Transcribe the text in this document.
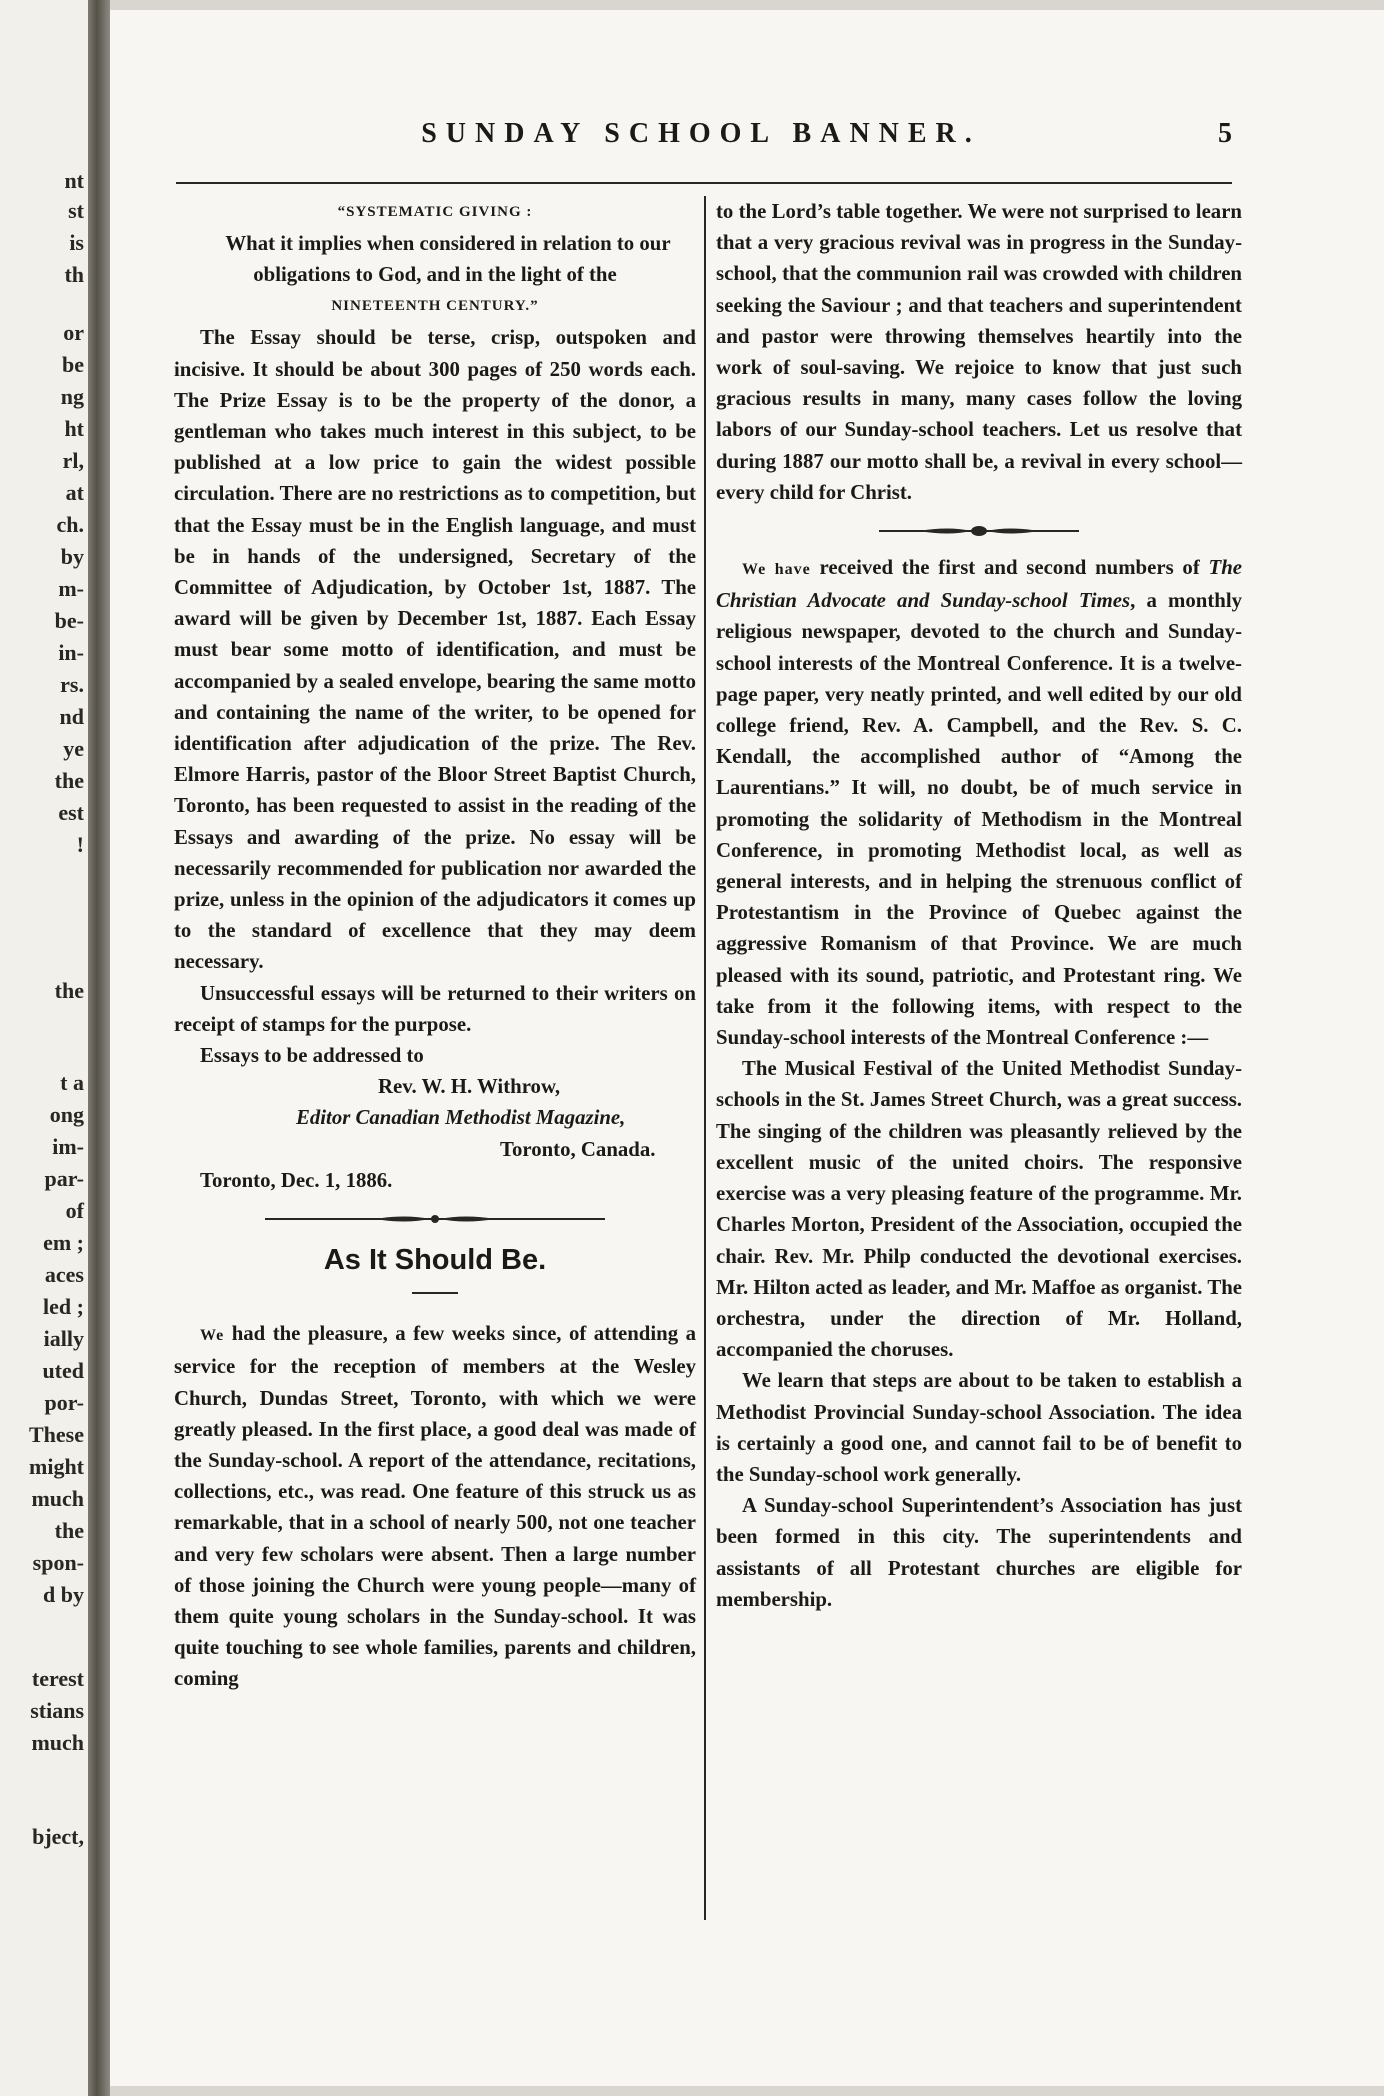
nt
st
is
th
or
be
ng
ht
rl,
at
ch.
by
m-
be-
in-
rs.
nd
ye
the
est
!
the
t a
ong
im-
par-
of
em ;
aces
led ;
ially
uted
por-
These
might
much
the
spon-
d by
terest
stians
much
bject,
SUNDAY SCHOOL BANNER.	5
“SYSTEMATIC GIVING :

What it implies when considered in relation to our obligations to God, and in the light of the

NINETEENTH CENTURY.”

The Essay should be terse, crisp, outspoken and incisive. It should be about 300 pages of 250 words each. The Prize Essay is to be the property of the donor, a gentleman who takes much interest in this subject, to be published at a low price to gain the widest possible circulation. There are no restrictions as to competition, but that the Essay must be in the English language, and must be in hands of the undersigned, Secretary of the Committee of Adjudication, by October 1st, 1887. The award will be given by December 1st, 1887. Each Essay must bear some motto of identification, and must be accompanied by a sealed envelope, bearing the same motto and containing the name of the writer, to be opened for identification after adjudication of the prize. The Rev. Elmore Harris, pastor of the Bloor Street Baptist Church, Toronto, has been requested to assist in the reading of the Essays and awarding of the prize. No essay will be necessarily recommended for publication nor awarded the prize, unless in the opinion of the adjudicators it comes up to the standard of excellence that they may deem necessary.

Unsuccessful essays will be returned to their writers on receipt of stamps for the purpose.

Essays to be addressed to

Rev. W. H. Withrow,
Editor Canadian Methodist Magazine,
Toronto, Canada.

Toronto, Dec. 1, 1886.

As It Should Be.

We had the pleasure, a few weeks since, of attending a service for the reception of members at the Wesley Church, Dundas Street, Toronto, with which we were greatly pleased. In the first place, a good deal was made of the Sunday-school. A report of the attendance, recitations, collections, etc., was read. One feature of this struck us as remarkable, that in a school of nearly 500, not one teacher and very few scholars were absent. Then a large number of those joining the Church were young people—many of them quite young scholars in the Sunday-school. It was quite touching to see whole families, parents and children, coming

to the Lord’s table together. We were not surprised to learn that a very gracious revival was in progress in the Sunday-school, that the communion rail was crowded with children seeking the Saviour ; and that teachers and superintendent and pastor were throwing themselves heartily into the work of soul-saving. We rejoice to know that just such gracious results in many, many cases follow the loving labors of our Sunday-school teachers. Let us resolve that during 1887 our motto shall be, a revival in every school—every child for Christ.

We have received the first and second numbers of The Christian Advocate and Sunday-school Times, a monthly religious newspaper, devoted to the church and Sunday-school interests of the Montreal Conference. It is a twelve-page paper, very neatly printed, and well edited by our old college friend, Rev. A. Campbell, and the Rev. S. C. Kendall, the accomplished author of “Among the Laurentians.” It will, no doubt, be of much service in promoting the solidarity of Methodism in the Montreal Conference, in promoting Methodist local, as well as general interests, and in helping the strenuous conflict of Protestantism in the Province of Quebec against the aggressive Romanism of that Province. We are much pleased with its sound, patriotic, and Protestant ring. We take from it the following items, with respect to the Sunday-school interests of the Montreal Conference :—

The Musical Festival of the United Methodist Sunday-schools in the St. James Street Church, was a great success. The singing of the children was pleasantly relieved by the excellent music of the united choirs. The responsive exercise was a very pleasing feature of the programme. Mr. Charles Morton, President of the Association, occupied the chair. Rev. Mr. Philp conducted the devotional exercises. Mr. Hilton acted as leader, and Mr. Maffoe as organist. The orchestra, under the direction of Mr. Holland, accompanied the choruses.

We learn that steps are about to be taken to establish a Methodist Provincial Sunday-school Association. The idea is certainly a good one, and cannot fail to be of benefit to the Sunday-school work generally.

A Sunday-school Superintendent’s Association has just been formed in this city. The superintendents and assistants of all Protestant churches are eligible for membership.
